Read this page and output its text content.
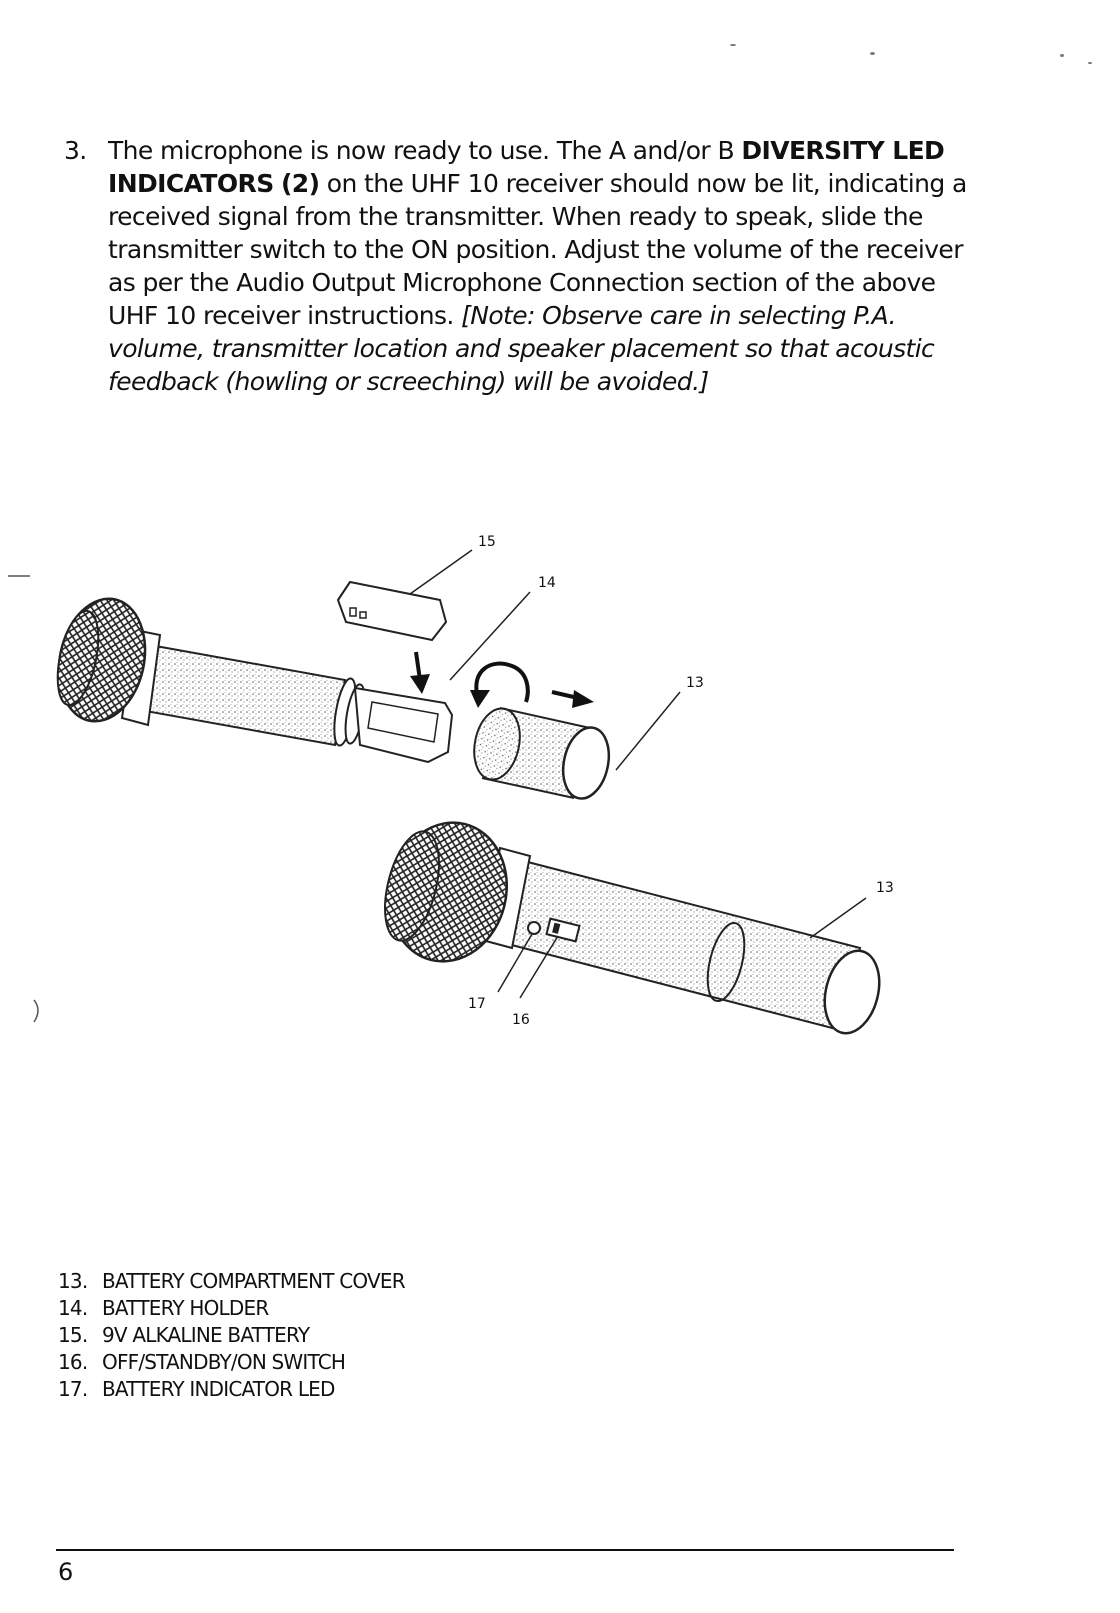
3. The microphone is now ready to use. The A and/or B DIVERSITY LED INDICATORS (2) on the UHF 10 receiver should now be lit, indicating a received signal from the transmitter. When ready to speak, slide the transmitter switch to the ON position. Adjust the volume of the receiver as per the Audio Output Microphone Connection section of the above UHF 10 receiver instructions. [Note: Observe care in selecting P.A. volume, transmitter location and speaker placement so that acoustic feedback (howling or screeching) will be avoided.]
15
14
13
13
17
16
13. BATTERY COMPARTMENT COVER
14. BATTERY HOLDER
15. 9V ALKALINE BATTERY
16. OFF/STANDBY/ON SWITCH
17. BATTERY INDICATOR LED
6
